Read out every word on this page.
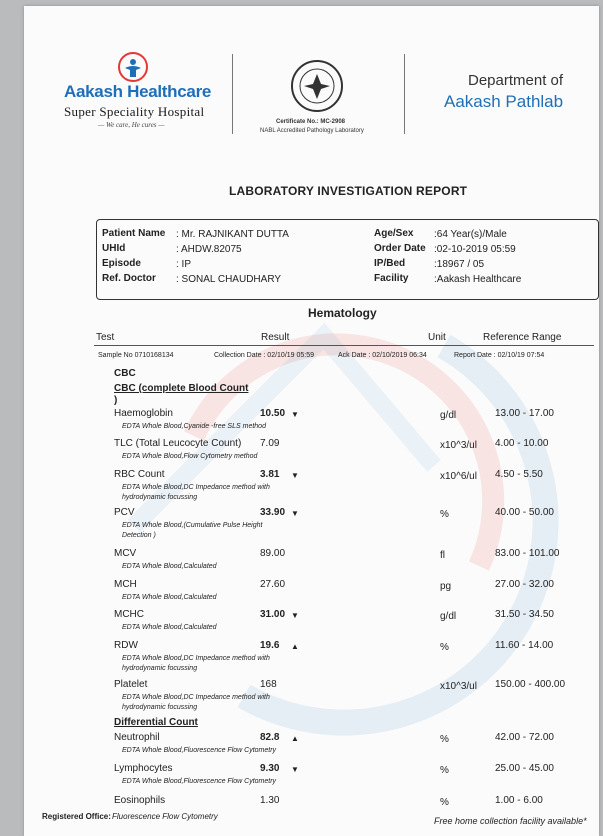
Aakash Healthcare
Super Speciality Hospital
— We care, He cures —	Certificate No.: MC-2908
NABL Accredited Pathology Laboratory
Department of
Aakash Pathlab
LABORATORY INVESTIGATION REPORT
Patient Name : Mr. RAJNIKANT DUTTA
UHId	: AHDW.82075
Episode	: IP
Ref. Doctor : SONAL CHAUDHARY
Age/Sex :64 Year(s)/Male
Order Date :02-10-2019 05:59
IP/Bed	:18967 / 05
Facility	:Aakash Healthcare
Hematology
Test	Result	Unit	Reference Range
Sample No 0710168134	Collection Date : 02/10/19 05:59	Ack Date : 02/10/2019 06:34	Report Date : 02/10/19 07:54
CBC
CBC (complete Blood Count
)
Differential Count
Haemoglobin	10.50	g/dl	13.00 - 17.00
▼
EDTA Whole Blood,Cyanide -free SLS method
TLC (Total Leucocyte Count) 7.09	x10^3/ul 4.00 - 10.00
EDTA Whole Blood,Flow Cytometry method
RBC Count	3.81	x10^6/ul 4.50 - 5.50
▼
EDTA Whole Blood,DC Impedance method with
hydrodynamic focussing
PCV	33.90	%	40.00 - 50.00
▼
EDTA Whole Blood,(Cumulative Pulse Height
Detection )
MCV	89.00	fl	83.00 - 101.00
EDTA Whole Blood,Calculated
MCH	27.60	pg	27.00 - 32.00
EDTA Whole Blood,Calculated
MCHC	31.00	g/dl	31.50 - 34.50
▼
EDTA Whole Blood,Calculated
RDW	19.6	%	11.60 - 14.00
▲
EDTA Whole Blood,DC Impedance method with
hydrodynamic focussing
Platelet	168	x10^3/ul 150.00 - 400.00
EDTA Whole Blood,DC Impedance method with
hydrodynamic focussing
Neutrophil	82.8	%	42.00 - 72.00
▲
EDTA Whole Blood,Fluorescence Flow Cytometry
Lymphocytes	9.30	%	25.00 - 45.00
▼
EDTA Whole Blood,Fluorescence Flow Cytometry
Eosinophils	1.30	%	1.00 - 6.00
Registered Office: Fluorescence Flow Cytometry	Free home collection facility available*
